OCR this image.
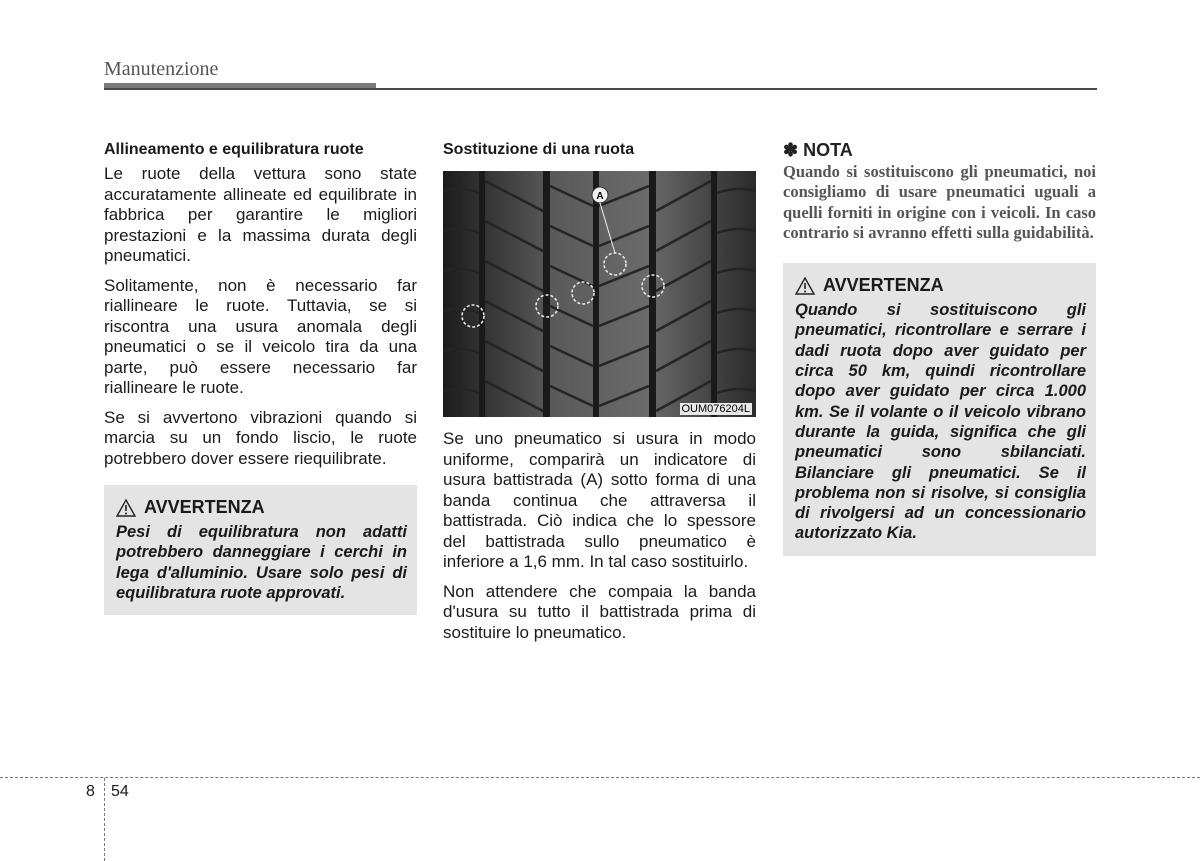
Manutenzione
Allineamento e equilibratura ruote

Le ruote della vettura sono state accuratamente allineate ed equilibrate in fabbrica per garantire le migliori prestazioni e la massima durata degli pneumatici.

Solitamente, non è necessario far riallineare le ruote. Tuttavia, se si riscontra una usura anomala degli pneumatici o se il veicolo tira da una parte, può essere necessario far riallineare le ruote.

Se si avvertono vibrazioni quando si marcia su un fondo liscio, le ruote potrebbero dover essere riequilibrate.

AVVERTENZA
Pesi di equilibratura non adatti potrebbero danneggiare i cerchi in lega d'alluminio. Usare solo pesi di equilibratura ruote approvati.
Sostituzione di una ruota
A
OUM076204L

Se uno pneumatico si usura in modo uniforme, comparirà un indicatore di usura battistrada (A) sotto forma di una banda continua che attraversa il battistrada. Ciò indica che lo spessore del battistrada sullo pneumatico è inferiore a 1,6 mm. In tal caso sostituirlo.

Non attendere che compaia la banda d'usura su tutto il battistrada prima di sostituire lo pneumatico.

✽ NOTA
Quando si sostituiscono gli pneumatici, noi consigliamo di usare pneumatici uguali a quelli forniti in origine con i veicoli. In caso contrario si avranno effetti sulla guidabilità.
AVVERTENZA
Quando si sostituiscono gli pneumatici, ricontrollare e serrare i dadi ruota dopo aver guidato per circa 50 km, quindi ricontrollare dopo aver guidato per circa 1.000 km. Se il volante o il veicolo vibrano durante la guida, significa che gli pneumatici sono sbilanciati. Bilanciare gli pneumatici. Se il problema non si risolve, si consiglia di rivolgersi ad un concessionario autorizzato Kia.
8 54
